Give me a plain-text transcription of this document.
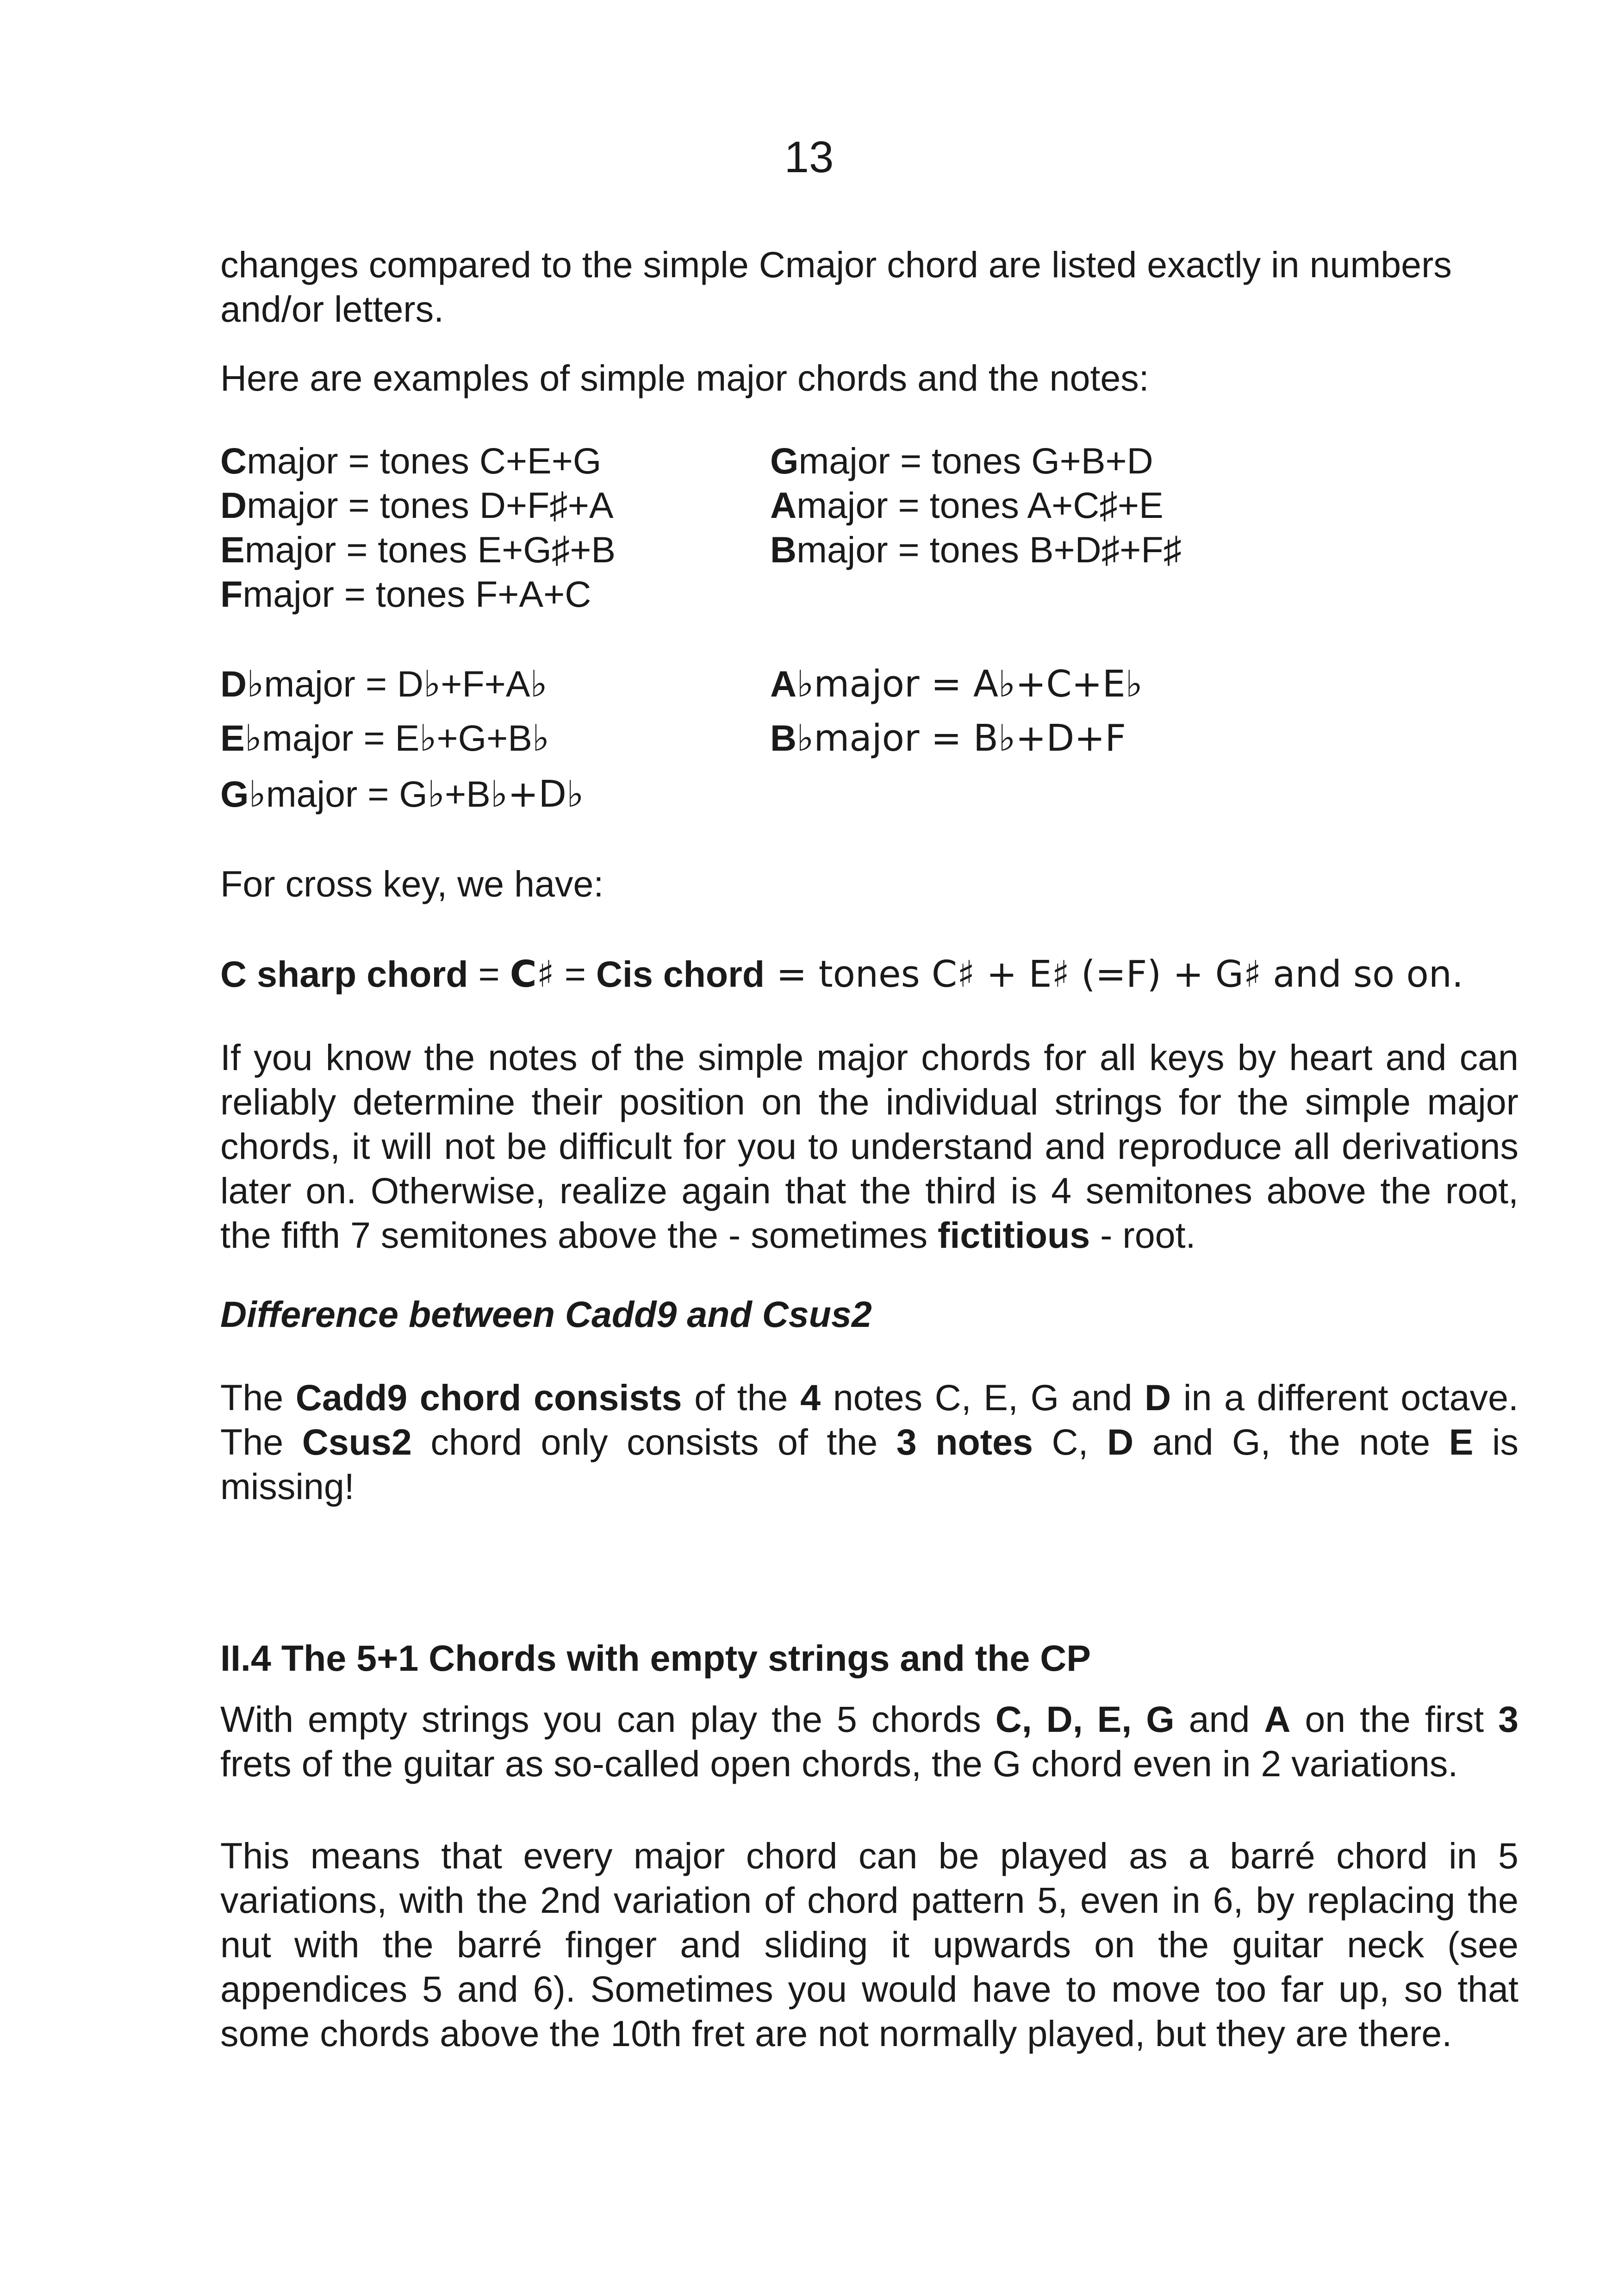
13
changes compared to the simple Cmajor chord are listed exactly in numbers and/or letters.
Here are examples of simple major chords and the notes:
Cmajor = tones C+E+G
Dmajor = tones D+F♯+A
Emajor = tones E+G♯+B
Fmajor = tones F+A+C
Gmajor = tones G+B+D
Amajor = tones A+C♯+E
Bmajor = tones B+D♯+F♯
D♭major = D♭+F+A♭
E♭major = E♭+G+B♭
G♭major = G♭+B♭+D♭
A♭major = A♭+C+E♭
B♭major = B♭+D+F
For cross key, we have:
C sharp chord = C♯ = Cis chord = tones C♯ + E♯ (=F) + G♯ and so on.
If you know the notes of the simple major chords for all keys by heart and can reliably determine their position on the individual strings for the simple major chords, it will not be difficult for you to understand and reproduce all derivations later on. Otherwise, realize again that the third is 4 semitones above the root, the fifth 7 semitones above the - sometimes fictitious - root.
Difference between Cadd9 and Csus2
The Cadd9 chord consists of the 4 notes C, E, G and D in a different octave. The Csus2 chord only consists of the 3 notes C, D and G, the note E is missing!
II.4 The 5+1 Chords with empty strings and the CP
With empty strings you can play the 5 chords C, D, E, G and A on the first 3 frets of the guitar as so-called open chords, the G chord even in 2 variations.
This means that every major chord can be played as a barré chord in 5 variations, with the 2nd variation of chord pattern 5, even in 6, by replacing the nut with the barré finger and sliding it upwards on the guitar neck (see appendices 5 and 6). Sometimes you would have to move too far up, so that some chords above the 10th fret are not normally played, but they are there.
